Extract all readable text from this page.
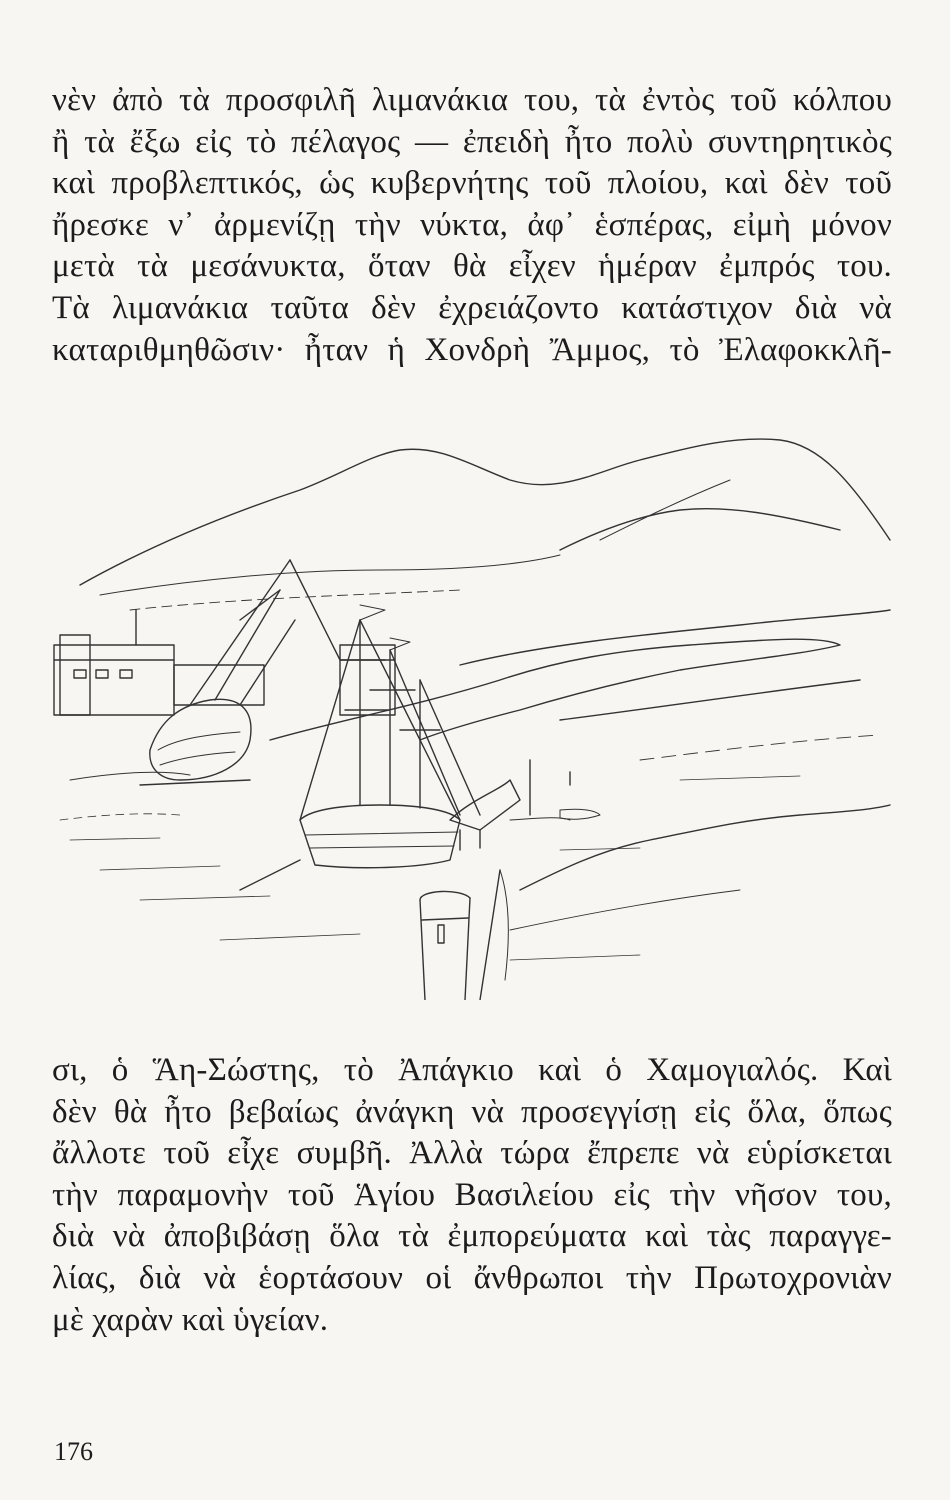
νὲν ἀπὸ τὰ προσφιλῆ λιμανάκια του, τὰ ἐντὸς τοῦ κόλπου
ἢ τὰ ἔξω εἰς τὸ πέλαγος — ἐπειδὴ ἦτο πολὺ συντηρητικὸς
καὶ προβλεπτικός, ὡς κυβερνήτης τοῦ πλοίου, καὶ δὲν τοῦ
ἤρεσκε ν᾽ ἀρμενίζῃ τὴν νύκτα, ἀφ᾽ ἑσπέρας, εἰμὴ μόνον
μετὰ τὰ μεσάνυκτα, ὅταν θὰ εἶχεν ἡμέραν ἐμπρός του.
Τὰ λιμανάκια ταῦτα δὲν ἐχρειάζοντο κατάστιχον διὰ νὰ
καταριθμηθῶσιν· ἦταν ἡ Χονδρὴ Ἄμμος, τὸ Ἐλαφοκκλῆ-
σι, ὁ Ἅη-Σώστης, τὸ Ἀπάγκιο καὶ ὁ Χαμογιαλός. Καὶ
δὲν θὰ ἦτο βεβαίως ἀνάγκη νὰ προσεγγίσῃ εἰς ὅλα, ὅπως
ἄλλοτε τοῦ εἶχε συμβῆ. Ἀλλὰ τώρα ἔπρεπε νὰ εὑρίσκεται
τὴν παραμονὴν τοῦ Ἁγίου Βασιλείου εἰς τὴν νῆσον του,
διὰ νὰ ἀποβιβάσῃ ὅλα τὰ ἐμπορεύματα καὶ τὰς παραγγε-
λίας, διὰ νὰ ἑορτάσουν οἱ ἄνθρωποι τὴν Πρωτοχρονιὰν
μὲ χαρὰν καὶ ὑγείαν.
176
